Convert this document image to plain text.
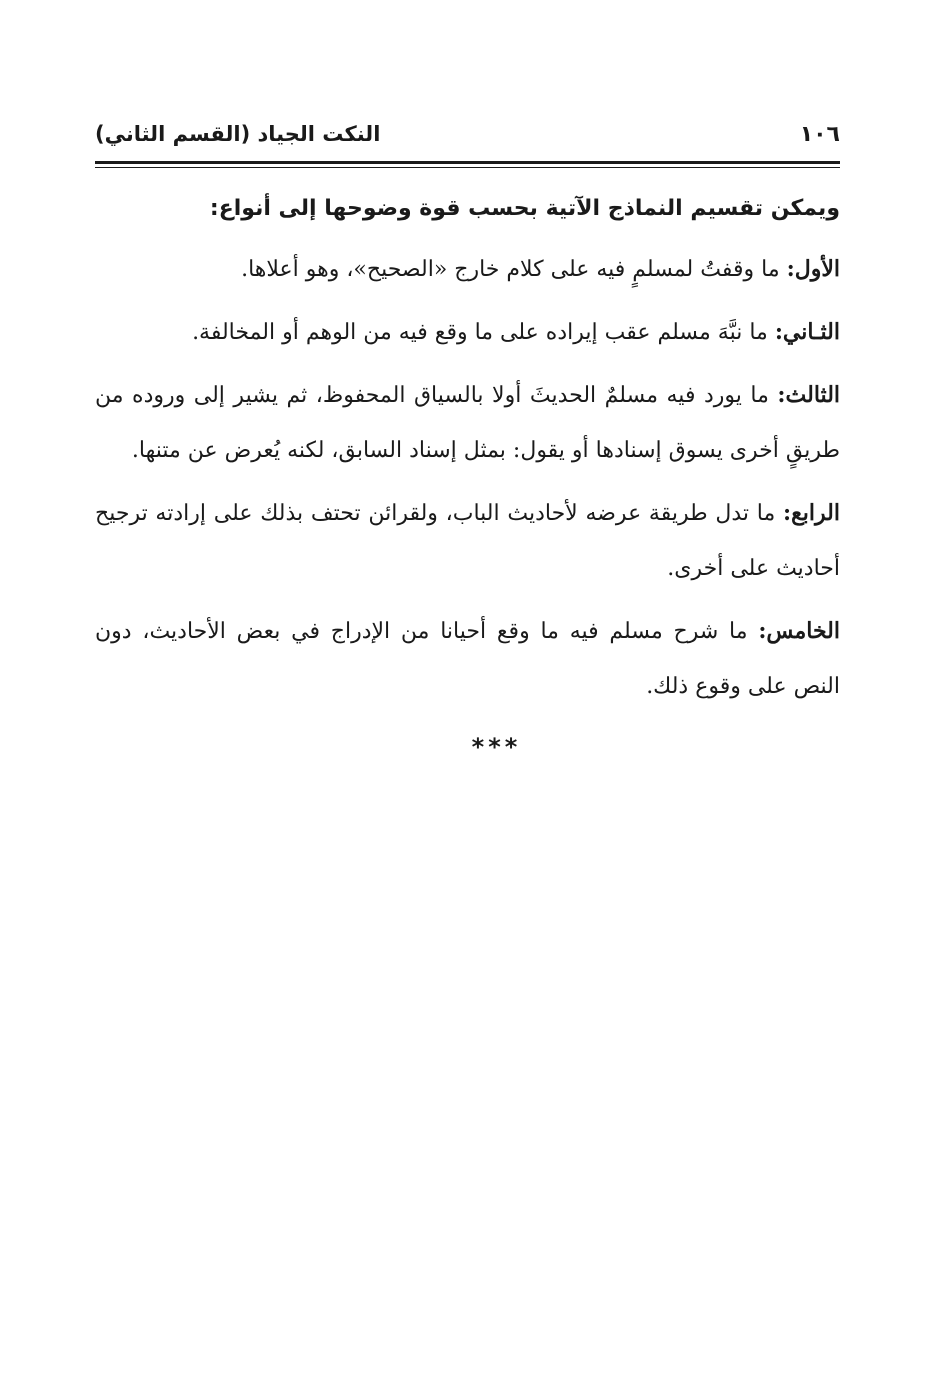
١٠٦
النكت الجياد (القسم الثاني)

ويمكن تقسيم النماذج الآتية بحسب قوة وضوحها إلى أنواع:

الأول: ما وقفتُ لمسلمٍ فيه على كلام خارج «الصحيح»، وهو أعلاها.

الثـاني: ما نبَّهَ مسلم عقب إيراده على ما وقع فيه من الوهم أو المخالفة.

الثالث: ما يورد فيه مسلمٌ الحديثَ أولا بالسياق المحفوظ، ثم يشير إلى وروده من طريقٍ أخرى يسوق إسنادها أو يقول: بمثل إسناد السابق، لكنه يُعرض عن متنها.

الرابع: ما تدل طريقة عرضه لأحاديث الباب، ولقرائن تحتف بذلك على إرادته ترجيح أحاديث على أخرى.

الخامس: ما شرح مسلم فيه ما وقع أحيانا من الإدراج في بعض الأحاديث، دون النص على وقوع ذلك.

***
